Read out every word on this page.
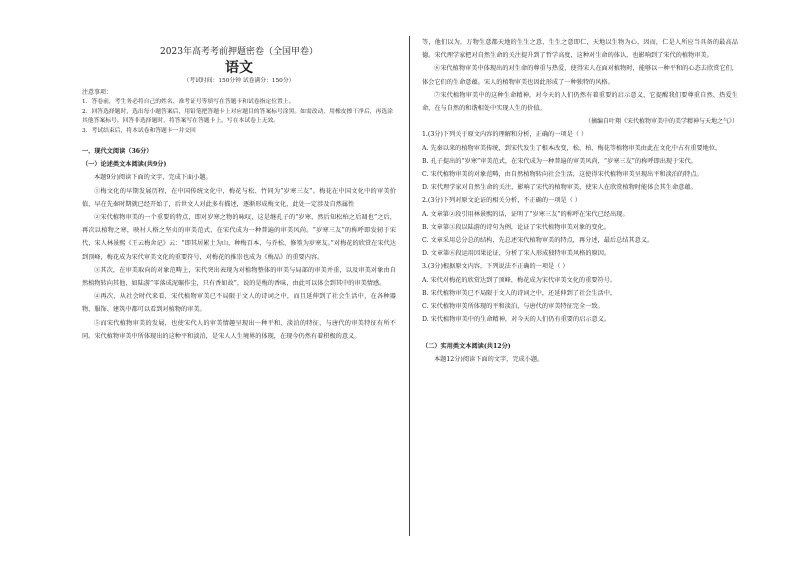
2023年高考考前押题密卷（全国甲卷）
语文
（考试时间：150分钟 试卷满分：150分）
注意事项：
1．答卷前，考生务必将自己的姓名、准考证号等填写在答题卡和试卷指定位置上。
2．回答选择题时，选出每小题答案后，用铅笔把答题卡上对应题目的答案标号涂黑。如需改动，用橡皮擦干净后，再选涂其他答案标号。回答非选择题时，将答案写在答题卡上。写在本试卷上无效。
3．考试结束后，将本试卷和答题卡一并交回
一、现代文阅读（36分）
（一）论述类文本阅读(共9分)

本题9分)阅读下面的文字，完成下面小题。

①梅文化的早期发展历程，在中国传统文化中，梅花与松、竹同为“岁寒三友”。梅花在中国文化中的审美价值，早在先秦时期就已经开始了，后世文人对此多有描述，逐渐形成梅文化，此处一定涉及自然属性

②宋代植物审美的一个重要的特点，即对岁寒之物的咏叹，这是继孔子的“岁寒，然后知松柏之后凋也”之后，再次以植物之寒，映衬人格之坚贞的审美范式，在宋代成为一种普遍的审美风尚。“岁寒三友”的称呼即发轫于宋代，宋人林景熙《王云梅舍记》云：“即其居累土为山，种梅百本，与乔松、修篁为岁寒友。”对梅花的欣赏在宋代达到顶峰，梅花成为宋代审美文化的重要符号，对梅花的推崇也成为《梅品》的重要内容。

③其次，在审美取向的对象范畴上，宋代突出表现为对植物整体的审美与局部的审美并重，以及审美对象由自然植物转向其他，如陆游“零落成泥碾作尘，只有香如故”，说的是梅的香味，由此可以体会到其中的审美情感。

④再次，从社会时代来看，宋代植物审美已不局限于文人的诗词之中，而且延伸到了社会生活中，在各种器物、服饰、建筑中都可以看到对植物的审美。

⑤而宋代植物审美的发展，也使宋代人的审美情趣呈现出一种平和、淡泊的特征，与唐代的审美特征有所不同。宋代植物审美中所体现出的这种平和淡泊，是宋人人生境界的体现，在现今仍然有着积极的意义。

等，他们以为，万物生意都天地的生生之意，生生之意即仁，天地以生物为心，因而，仁是人所应当具备的最高品德。宋代理学家把对自然生命的关注提升到了哲学高度，这种对生命的体认，也影响到了宋代的植物审美。

⑥宋代植物审美中体现出的对生命的尊重与热爱，使得宋人在面对植物时，能够以一种平和的心态去欣赏它们，体会它们的生命意蕴。宋人的植物审美也因此形成了一种独特的风格。

⑦宋代植物审美中的这种生命精神，对今天的人们仍然有着重要的启示意义，它提醒我们要尊重自然、热爱生命，在与自然的和谐相处中实现人生的价值。

（摘编自叶翔《宋代植物审美中的美学精神与天地之气》）

1.(3分)下列关于原文内容的理解和分析，正确的一项是（ ）

A. 先秦以来的植物审美传统，到宋代发生了根本改变，松、柏、梅花等植物审美由此在文化中占有重要地位。

B. 孔子提出的“岁寒”审美范式，在宋代成为一种普遍的审美风尚，“岁寒三友”的称呼即出现于宋代。

C. 宋代植物审美的对象范畴，由自然植物转向社会生活，这使得宋代植物审美呈现出平和淡泊的特点。

D. 宋代理学家对自然生命的关注，影响了宋代的植物审美，使宋人在欣赏植物时能体会其生命意蕴。

2.(3分)下列对原文论证的相关分析，不正确的一项是（ ）

A. 文章第②段引用林景熙的话，证明了“岁寒三友”的称呼在宋代已经出现。

B. 文章第③段以陆游的诗句为例，论证了宋代植物审美对象的变化。

C. 文章采用总分总的结构，先总述宋代植物审美的特点，再分述，最后总结其意义。

D. 文章第⑥段运用因果论证，分析了宋人形成独特审美风格的原因。

3.(3分)根据原文内容，下列说法不正确的一项是（ ）

A. 宋代对梅花的欣赏达到了顶峰，梅花成为宋代审美文化的重要符号。

B. 宋代植物审美已不局限于文人的诗词之中，还延伸到了社会生活中。

C. 宋代植物审美所体现的平和淡泊，与唐代的审美特征完全一致。

D. 宋代植物审美中的生命精神，对今天的人们仍有重要的启示意义。

（二）实用类文本阅读(共12分)

本题12分)阅读下面的文字，完成小题。
